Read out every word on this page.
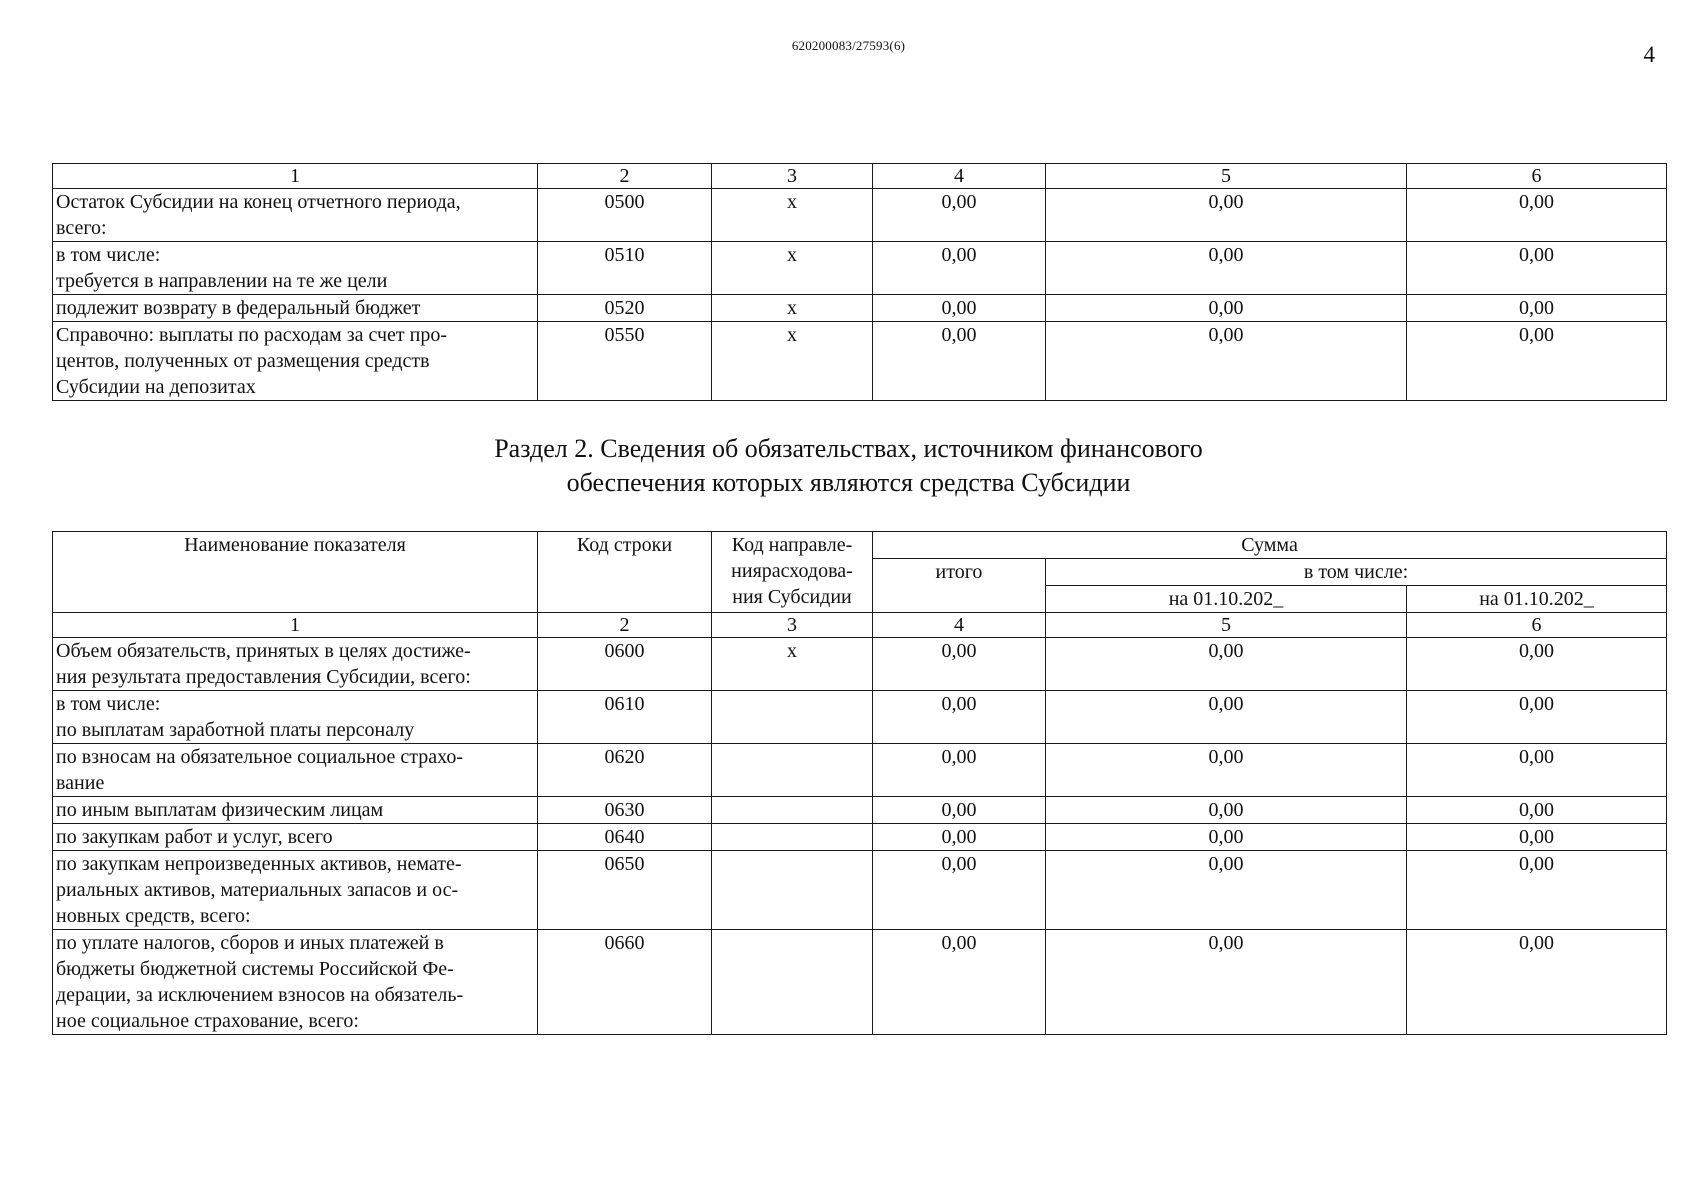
620200083/27593(6)	4
1	2	3	4	5	6

Остаток Субсидии на конец отчетного периода,
всего:	0500	x	0,00	0,00	0,00

в том числе:
требуется в направлении на те же цели	0510	x	0,00	0,00	0,00

подлежит возврату в федеральный бюджет	0520	x	0,00	0,00	0,00

Справочно: выплаты по расходам за счет про-
центов, полученных от размещения средств
Субсидии на депозитах	0550	x	0,00	0,00	0,00
Раздел 2. Сведения об обязательствах, источником финансового
обеспечения которых являются средства Субсидии
Наименование показателя	Код строки	Код направле-
нияpасходова-
ния Субсидии	Сумма		
			итого	в том числе:	
				на 01.10.202_	на 01.10.202_
1	2	3	4	5	6

Объем обязательств, принятых в целях достиже-
ния результата предоставления Субсидии, всего:	0600	x	0,00	0,00	0,00

в том числе:
по выплатам заработной платы персоналу	0610		0,00	0,00	0,00

по взносам на обязательное социальное страхо-
вание	0620		0,00	0,00	0,00

по иным выплатам физическим лицам	0630		0,00	0,00	0,00

по закупкам работ и услуг, всего	0640		0,00	0,00	0,00

по закупкам непроизведенных активов, немате-
риальных активов, материальных запасов и ос-
новных средств, всего:	0650		0,00	0,00	0,00

по уплате налогов, сборов и иных платежей в
бюджеты бюджетной системы Российской Фе-
дерации, за исключением взносов на обязатель-
ное социальное страхование, всего:	0660		0,00	0,00	0,00
